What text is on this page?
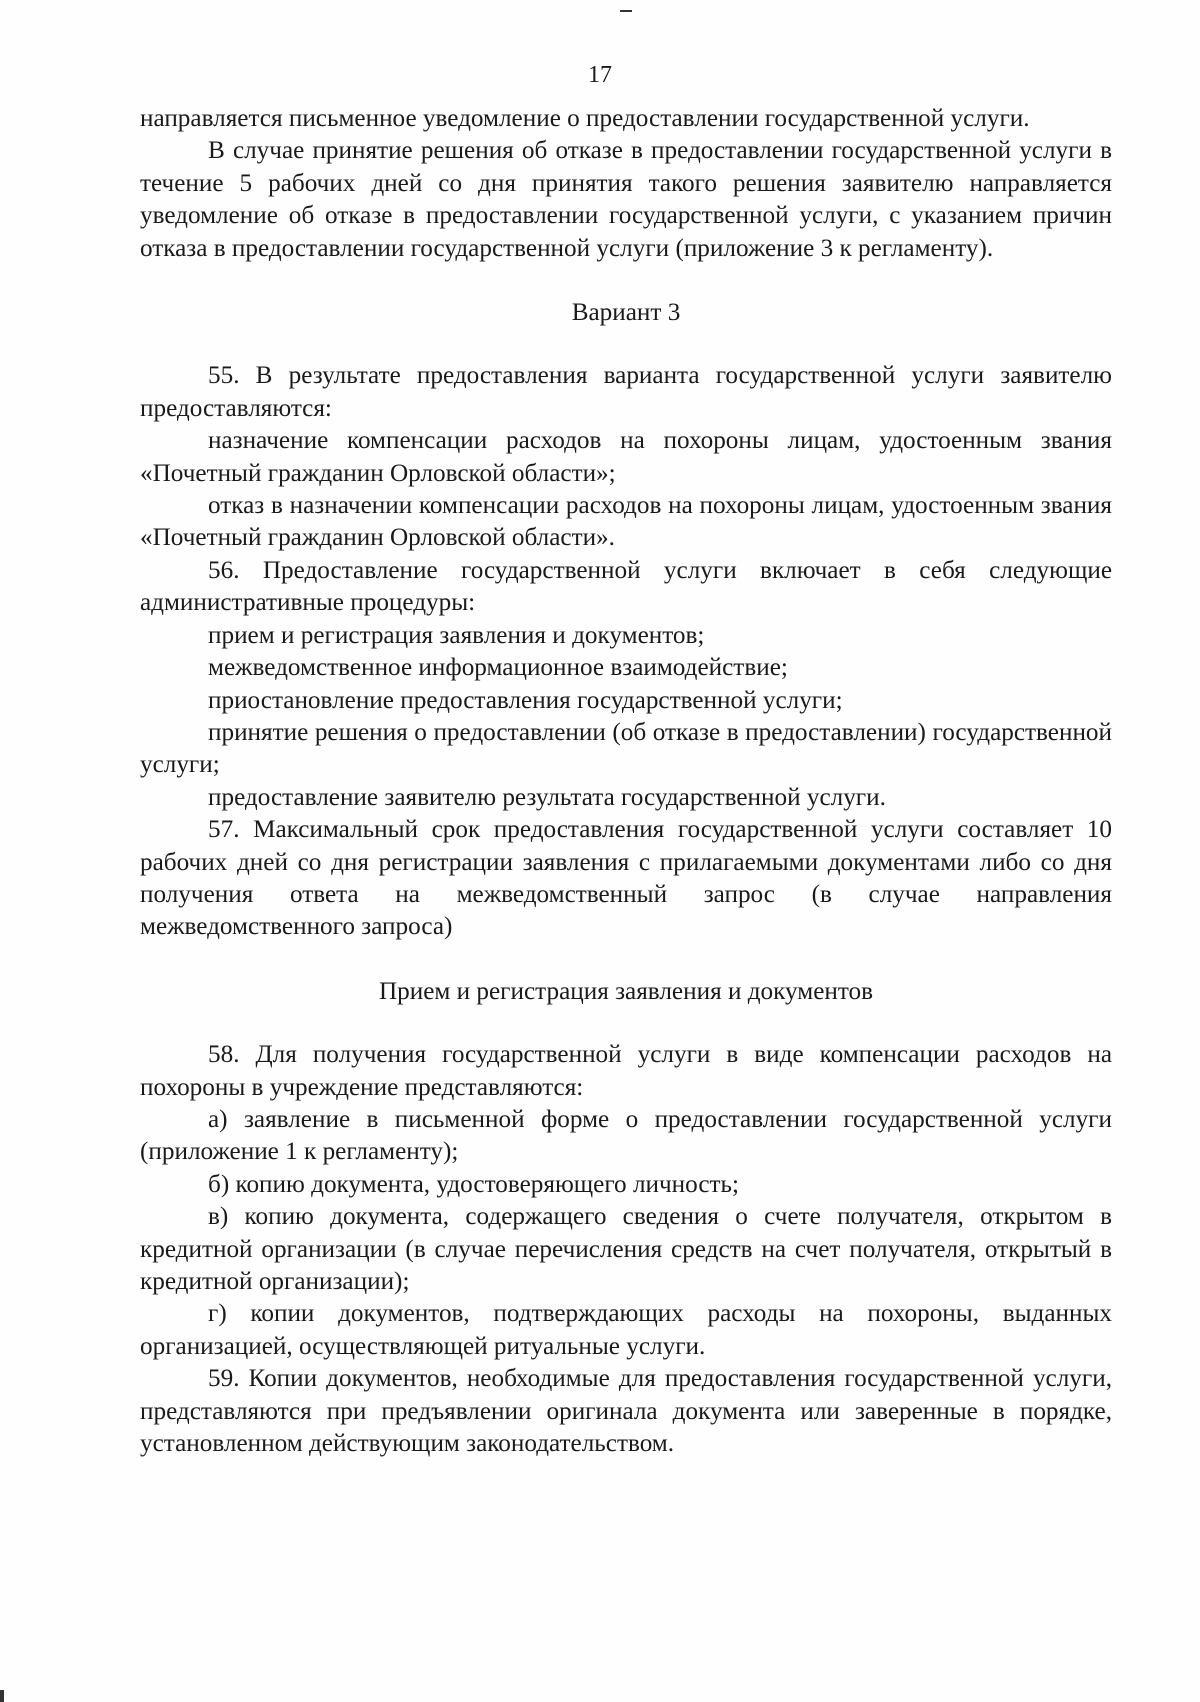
17

направляется письменное уведомление о предоставлении государственной услуги.

В случае принятие решения об отказе в предоставлении государственной услуги в течение 5 рабочих дней со дня принятия такого решения заявителю направляется уведомление об отказе в предоставлении государственной услуги, с указанием причин отказа в предоставлении государственной услуги (приложение 3 к регламенту).

Вариант 3

55. В результате предоставления варианта государственной услуги заявителю предоставляются:

назначение компенсации расходов на похороны лицам, удостоенным звания «Почетный гражданин Орловской области»;

отказ в назначении компенсации расходов на похороны лицам, удостоенным звания «Почетный гражданин Орловской области».

56. Предоставление государственной услуги включает в себя следующие административные процедуры:

прием и регистрация заявления и документов;

межведомственное информационное взаимодействие;

приостановление предоставления государственной услуги;

принятие решения о предоставлении (об отказе в предоставлении) государственной услуги;

предоставление заявителю результата государственной услуги.

57. Максимальный срок предоставления государственной услуги составляет 10 рабочих дней со дня регистрации заявления с прилагаемыми документами либо со дня получения ответа на межведомственный запрос (в случае направления межведомственного запроса)

Прием и регистрация заявления и документов

58. Для получения государственной услуги в виде компенсации расходов на похороны в учреждение представляются:

а) заявление в письменной форме о предоставлении государственной услуги (приложение 1 к регламенту);

б) копию документа, удостоверяющего личность;

в) копию документа, содержащего сведения о счете получателя, открытом в кредитной организации (в случае перечисления средств на счет получателя, открытый в кредитной организации);

г) копии документов, подтверждающих расходы на похороны, выданных организацией, осуществляющей ритуальные услуги.

59. Копии документов, необходимые для предоставления государственной услуги, представляются при предъявлении оригинала документа или заверенные в порядке, установленном действующим законодательством.
